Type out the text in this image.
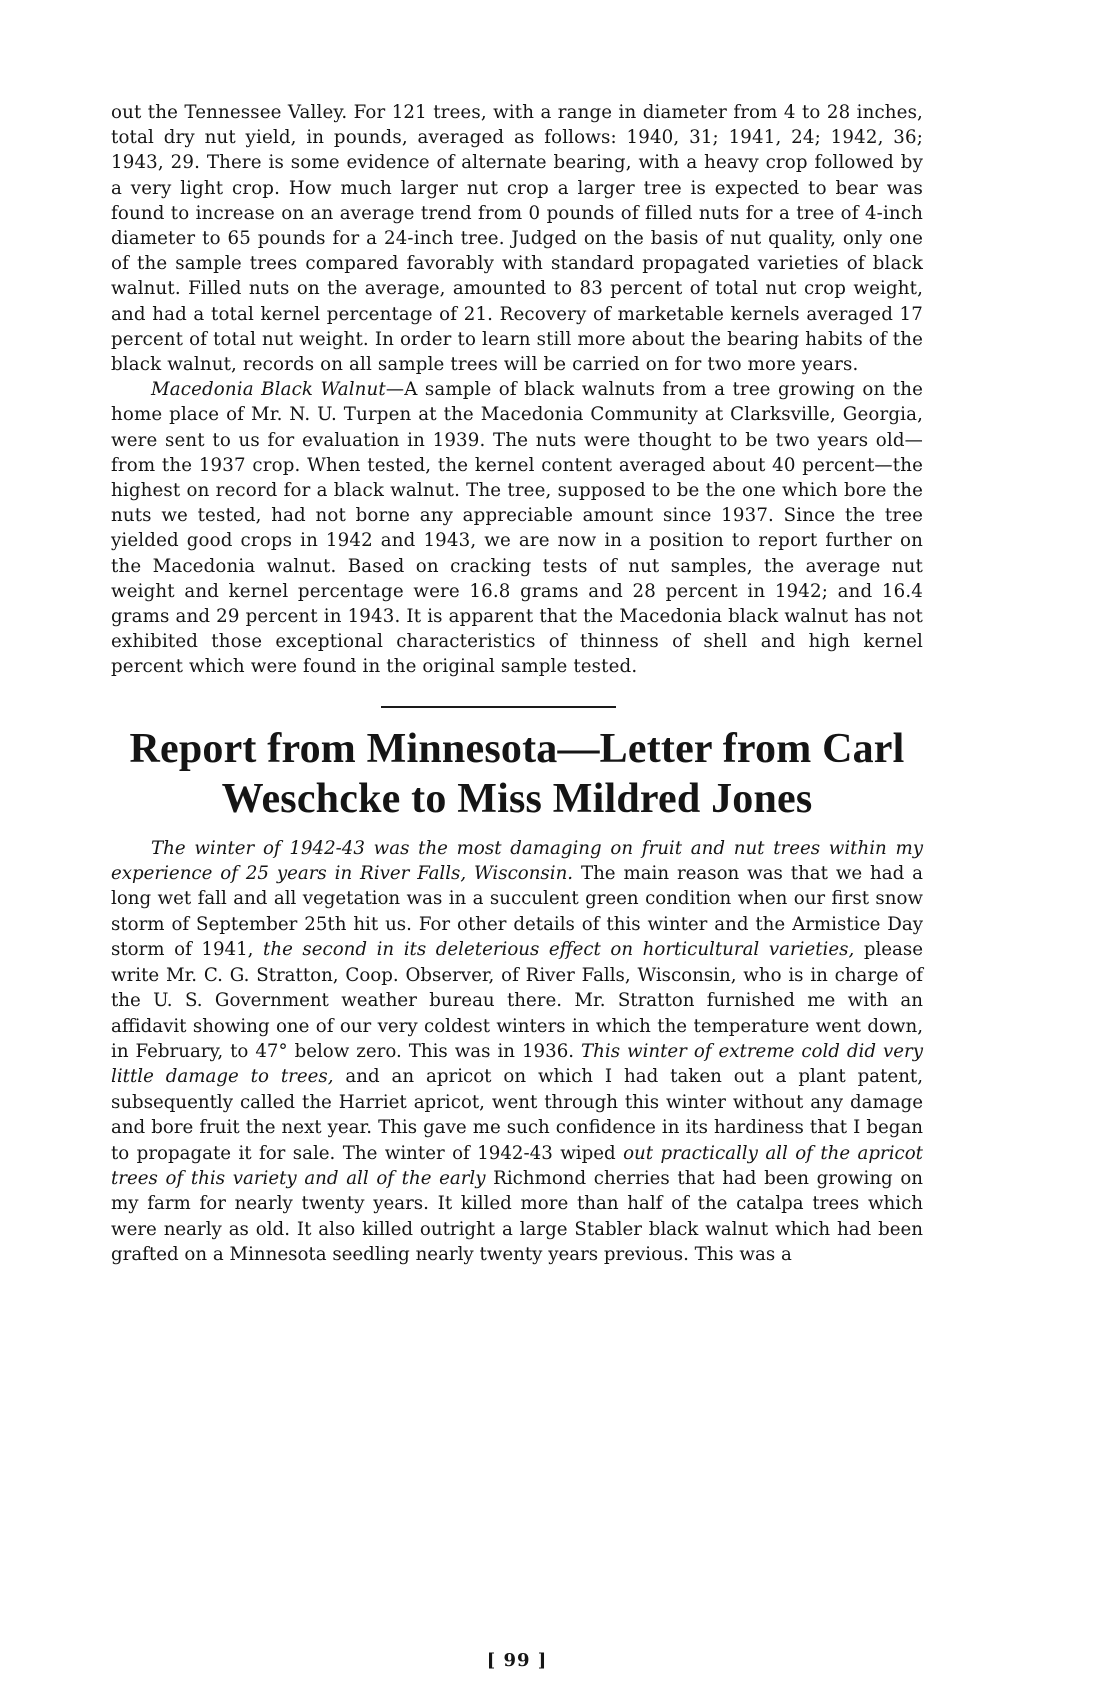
out the Tennessee Valley. For 121 trees, with a range in diameter from 4 to 28 inches, total dry nut yield, in pounds, averaged as follows: 1940, 31; 1941, 24; 1942, 36; 1943, 29. There is some evidence of alternate bearing, with a heavy crop followed by a very light crop. How much larger nut crop a larger tree is expected to bear was found to increase on an average trend from 0 pounds of filled nuts for a tree of 4-inch diameter to 65 pounds for a 24-inch tree. Judged on the basis of nut quality, only one of the sample trees compared favorably with standard propagated varieties of black walnut. Filled nuts on the average, amounted to 83 percent of total nut crop weight, and had a total kernel percentage of 21. Recovery of marketable kernels averaged 17 percent of total nut weight. In order to learn still more about the bearing habits of the black walnut, records on all sample trees will be carried on for two more years.

Macedonia Black Walnut—A sample of black walnuts from a tree growing on the home place of Mr. N. U. Turpen at the Macedonia Community at Clarksville, Georgia, were sent to us for evaluation in 1939. The nuts were thought to be two years old—from the 1937 crop. When tested, the kernel content averaged about 40 percent—the highest on record for a black walnut. The tree, supposed to be the one which bore the nuts we tested, had not borne any appreciable amount since 1937. Since the tree yielded good crops in 1942 and 1943, we are now in a position to report further on the Macedonia walnut. Based on cracking tests of nut samples, the average nut weight and kernel percentage were 16.8 grams and 28 percent in 1942; and 16.4 grams and 29 percent in 1943. It is apparent that the Macedonia black walnut has not exhibited those exceptional characteristics of thinness of shell and high kernel percent which were found in the original sample tested.

Report from Minnesota—Letter from Carl
Weschcke to Miss Mildred Jones

The winter of 1942-43 was the most damaging on fruit and nut trees within my experience of 25 years in River Falls, Wisconsin. The main reason was that we had a long wet fall and all vegetation was in a succulent green condition when our first snow storm of September 25th hit us. For other details of this winter and the Armistice Day storm of 1941, the second in its deleterious effect on horticultural varieties, please write Mr. C. G. Stratton, Coop. Observer, of River Falls, Wisconsin, who is in charge of the U. S. Government weather bureau there. Mr. Stratton furnished me with an affidavit showing one of our very coldest winters in which the temperature went down, in February, to 47° below zero. This was in 1936. This winter of extreme cold did very little damage to trees, and an apricot on which I had taken out a plant patent, subsequently called the Harriet apricot, went through this winter without any damage and bore fruit the next year. This gave me such confidence in its hardiness that I began to propagate it for sale. The winter of 1942-43 wiped out practically all of the apricot trees of this variety and all of the early Richmond cherries that had been growing on my farm for nearly twenty years. It killed more than half of the catalpa trees which were nearly as old. It also killed outright a large Stabler black walnut which had been grafted on a Minnesota seedling nearly twenty years previous. This was a

[ 99 ]
